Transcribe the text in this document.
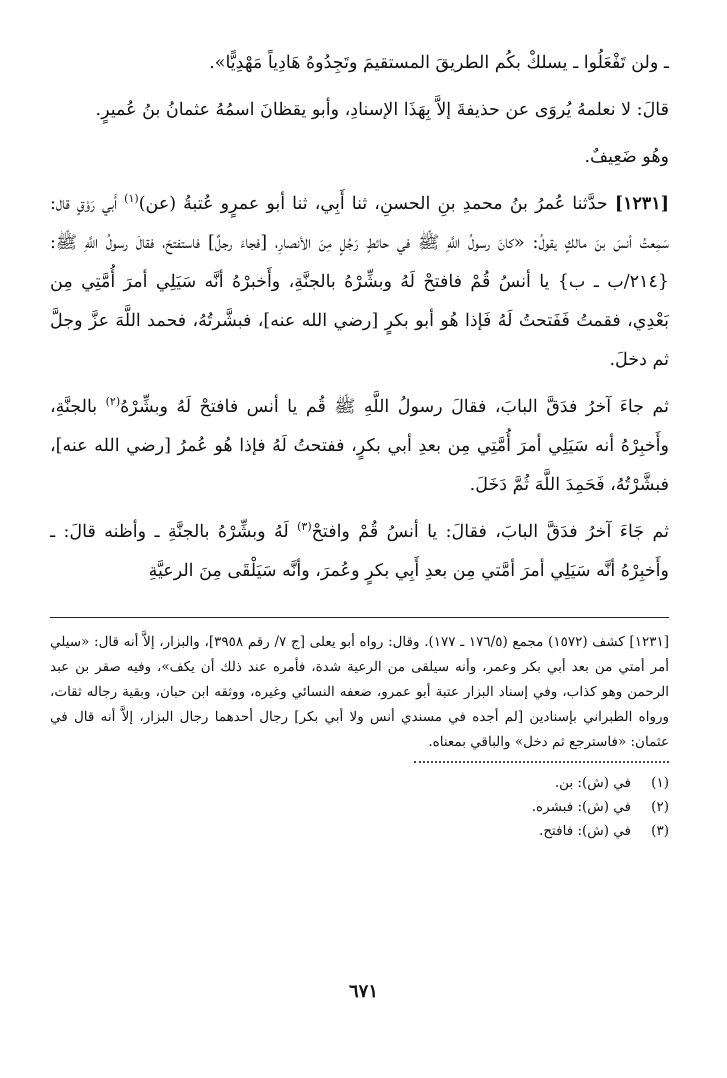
ـ ولن تَفْعَلُوا ـ يسلكْ بكُم الطريقَ المستقيمَ وتَجِدُوهُ هَادِياً مَهْدِيًّا».

قالَ: لا نعلمهُ يُروَى عن حذيفةَ إلاَّ بِهَذَا الإسنادِ، وأبو يقظانَ اسمُهُ عثمانُ بنُ عُميرٍ.

وهُو ضَعِيفٌ.

[١٢٣١] حدَّثنا عُمرُ بنُ محمدِ بنِ الحسنِ، ثنا أَبِي، ثنا أبو عمرٍو عُتبةُ (عن)$^{(١)}$ أَبي رَوْقٍ قال: سَمِعتُ أنسَ بنَ مالكٍ يقولُ: «كانَ رسولُ اللَّهِ ﷺ في حائطٍ رَجُلٍ مِنَ الأنصارِ، [فجاءَ رجلٌ] فاستفتحَ، فقالَ رسولُ اللَّهِ ﷺ: {٢١٤/ب ـ ب} يا أنسُ قُمْ فافتحْ لَهُ وبشِّرْهُ بالجنَّةِ، وأَخبرْهُ أنَّه سَيَلِي أمرَ أُمَّتِي مِن بَعْدِي، فقمتُ فَفَتحتُ لَهُ فَإذا هُو أبو بكرٍ [رضي الله عنه]، فبشَّرتُهُ، فحمد اللَّهَ عزَّ وجلَّ ثم دخلَ.

ثم جاءَ آخرُ فدَقَّ البابَ، فقالَ رسولُ اللَّهِ ﷺ قُم يا أنس فافتحْ لَهُ وبشِّرْهُ$^{(٢)}$ بالجنَّةِ، وأَخبِرْهُ أنه سَيَلِي أمرَ أُمَّتِي مِن بعدِ أبي بكرٍ، ففتحتُ لَهُ فإذا هُو عُمرُ [رضي الله عنه]، فبشَّرْتُهُ، فَحَمِدَ اللَّهَ ثُمَّ دَخَلَ.

ثم جَاءَ آخرُ فدَقَّ البابَ، فقالَ: يا أنسُ قُمْ وافتحْ$^{(٣)}$ لَهُ وبشِّرْهُ بالجنَّةِ ـ وأظنه قالَ: ـ وأَخبِرْهُ أنَّه سَيَلِي أمرَ أمَّتي مِن بعدِ أَبِي بكرٍ وعُمرَ، وأنَّه سَيَلْقَى مِنَ الرعيَّةِ

[١٢٣١] كشف (١٥٧٢) مجمع (١٧٦/٥ ـ ١٧٧). وقال: رواه أبو يعلى [ج ٧/ رقم ٣٩٥٨]، والبزار، إلاَّ أنه قال: «سيلي أمر أمتي من بعد أبي بكر وعمر، وأنه سيلقى من الرعية شدة، فأمره عند ذلك أن يكف»، وفيه صقر بن عبد الرحمن وهو كذاب، وفي إسناد البزار عتبة أبو عمرو، ضعفه النسائي وغيره، ووثقه ابن حبان، وبقية رجاله ثقات، ورواه الطبراني بإسنادين [لم أجده في مسندي أنس ولا أبي بكر] رجال أحدهما رجال البزار، إلاَّ أنه قال في عثمان: «فاسترجع ثم دخل» والباقي بمعناه.

(١)
في (ش): بن.
(٢)
في (ش): فبشره.
(٣)
في (ش): فافتح.
٦٧١
